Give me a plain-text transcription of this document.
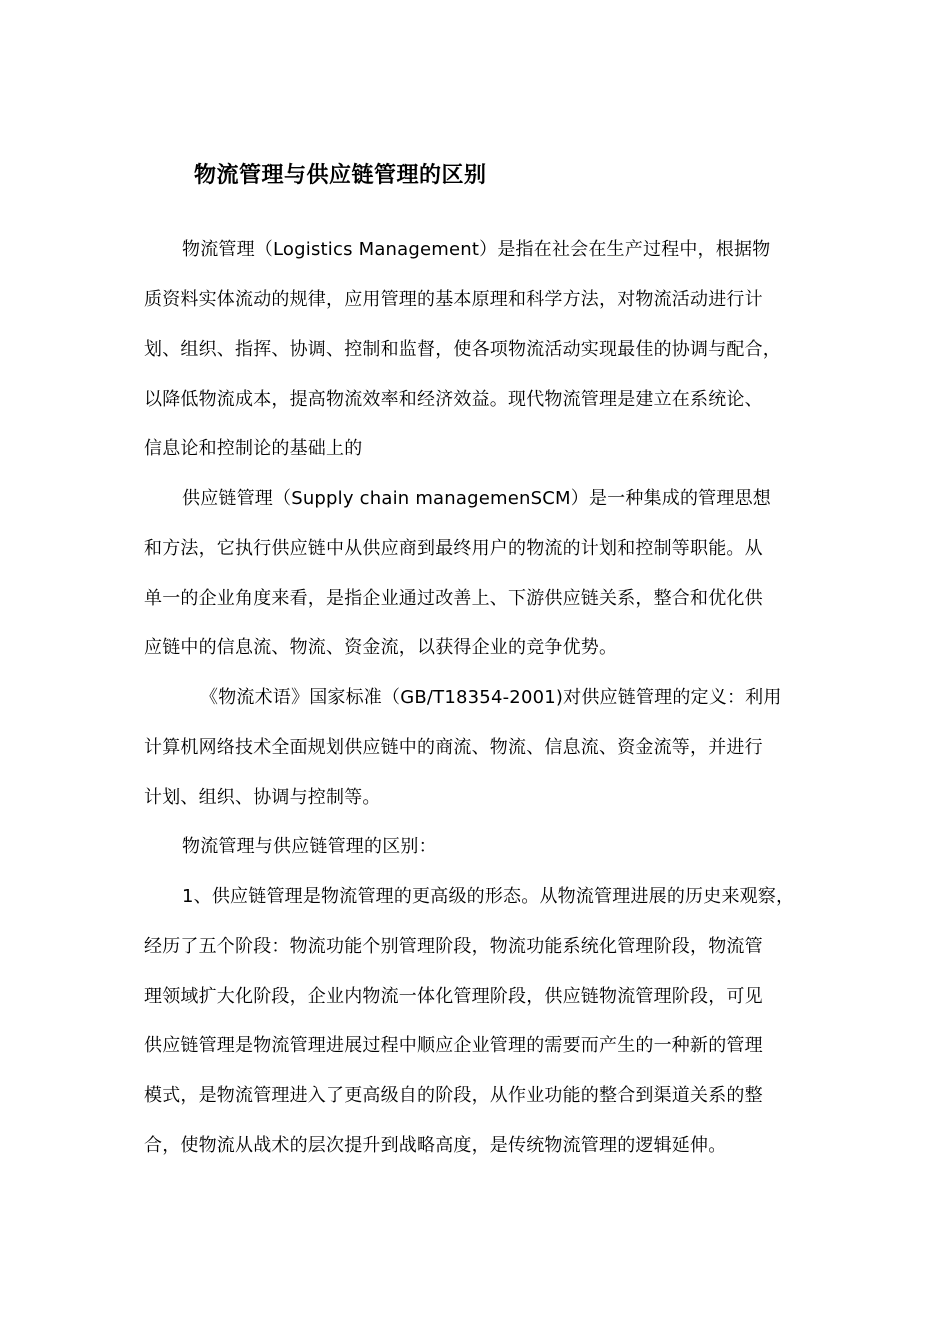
物流管理与供应链管理的区别
物流管理（Logistics Management）是指在社会在生产过程中，根据物
质资料实体流动的规律，应用管理的基本原理和科学方法，对物流活动进行计
划、组织、指挥、协调、控制和监督，使各项物流活动实现最佳的协调与配合，
以降低物流成本，提高物流效率和经济效益。现代物流管理是建立在系统论、
信息论和控制论的基础上的
供应链管理（Supply chain managemenSCM）是一种集成的管理思想
和方法，它执行供应链中从供应商到最终用户的物流的计划和控制等职能。从
单一的企业角度来看，是指企业通过改善上、下游供应链关系，整合和优化供
应链中的信息流、物流、资金流，以获得企业的竞争优势。
《物流术语》国家标准（GB/T18354-2001)对供应链管理的定义：利用
计算机网络技术全面规划供应链中的商流、物流、信息流、资金流等，并进行
计划、组织、协调与控制等。
物流管理与供应链管理的区别：
1、供应链管理是物流管理的更高级的形态。从物流管理进展的历史来观察，
经历了五个阶段：物流功能个别管理阶段，物流功能系统化管理阶段，物流管
理领域扩大化阶段，企业内物流一体化管理阶段，供应链物流管理阶段，可见
供应链管理是物流管理进展过程中顺应企业管理的需要而产生的一种新的管理
模式，是物流管理进入了更高级自的阶段，从作业功能的整合到渠道关系的整
合，使物流从战术的层次提升到战略高度，是传统物流管理的逻辑延伸。
